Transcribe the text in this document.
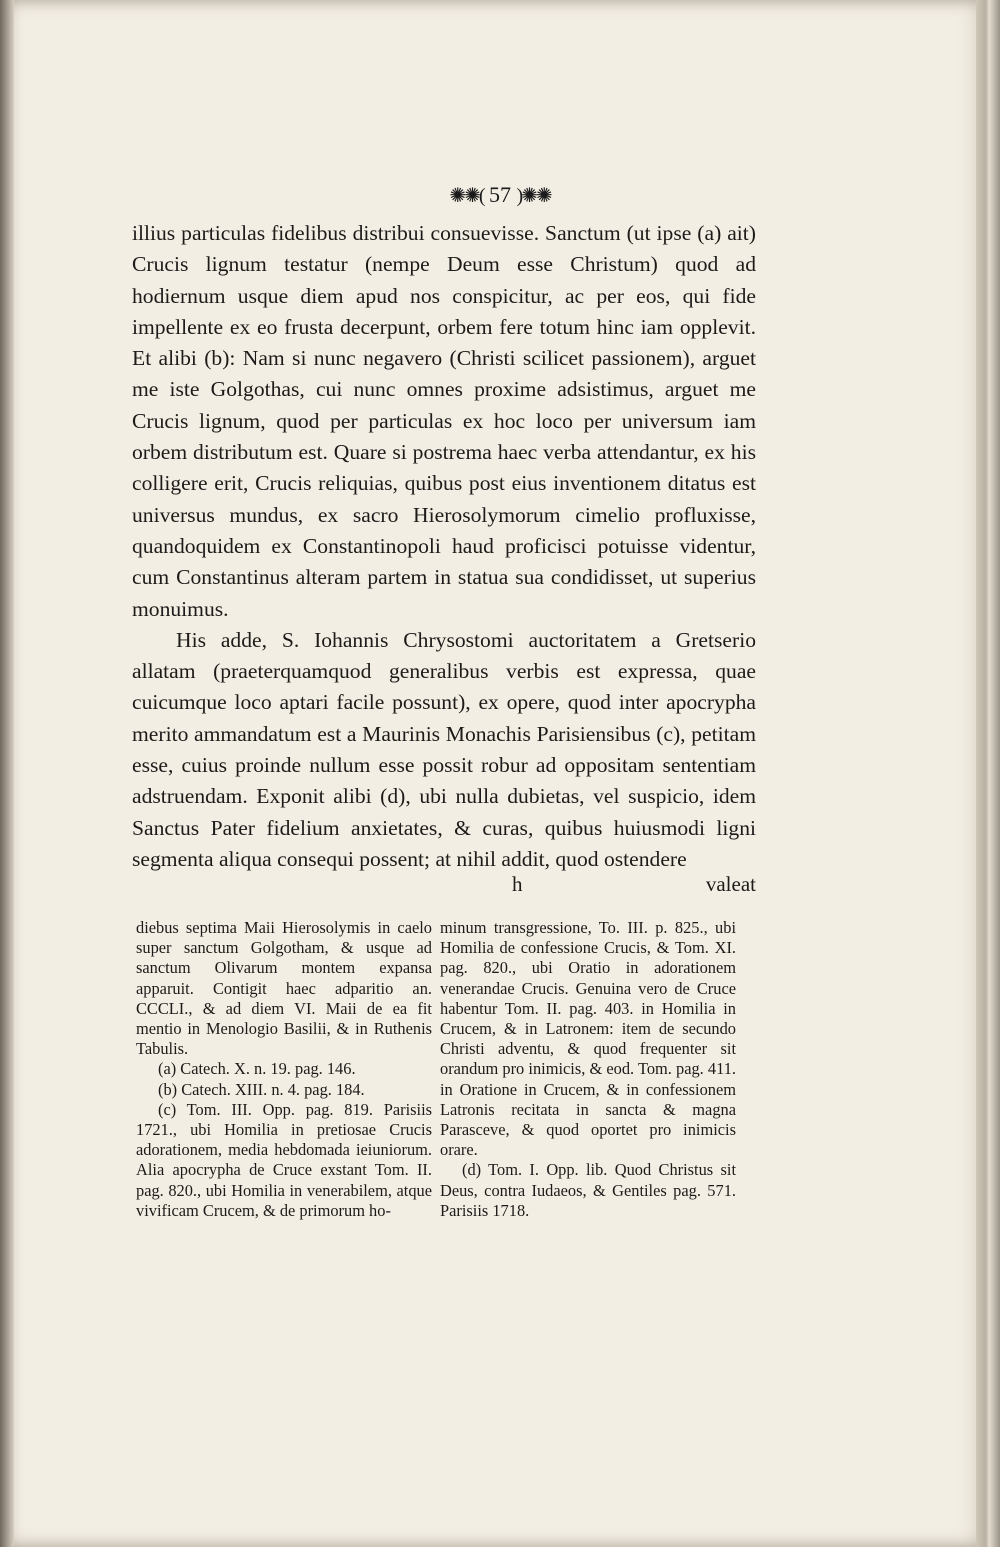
✺✺( 57 )✺✺

illius particulas fidelibus distribui consuevisse. Sanctum (ut ipse (a) ait) Crucis lignum testatur (nempe Deum esse Christum) quod ad hodiernum usque diem apud nos conspicitur, ac per eos, qui fide impellente ex eo frusta decerpunt, orbem fere totum hinc iam opplevit. Et alibi (b): Nam si nunc negavero (Christi scilicet passionem), arguet me iste Golgothas, cui nunc omnes proxime adsistimus, arguet me Crucis lignum, quod per particulas ex hoc loco per universum iam orbem distributum est. Quare si postrema haec verba attendantur, ex his colligere erit, Crucis reliquias, quibus post eius inventionem ditatus est universus mundus, ex sacro Hierosolymorum cimelio profluxisse, quandoquidem ex Constantinopoli haud proficisci potuisse videntur, cum Constantinus alteram partem in statua sua condidisset, ut superius monuimus.

His adde, S. Iohannis Chrysostomi auctoritatem a Gretserio allatam (praeterquamquod generalibus verbis est expressa, quae cuicumque loco aptari facile possunt), ex opere, quod inter apocrypha merito ammandatum est a Maurinis Monachis Parisiensibus (c), petitam esse, cuius proinde nullum esse possit robur ad oppositam sententiam adstruendam. Exponit alibi (d), ubi nulla dubietas, vel suspicio, idem Sanctus Pater fidelium anxietates, & curas, quibus huiusmodi ligni segmenta aliqua consequi possent; at nihil addit, quod ostendere

h	valeat

diebus septima Maii Hierosolymis in caelo super sanctum Golgotham, & usque ad sanctum Olivarum montem expansa apparuit. Contigit haec adparitio an. CCCLI., & ad diem VI. Maii de ea fit mentio in Menologio Basilii, & in Ruthenis Tabulis.

(a) Catech. X. n. 19. pag. 146.

(b) Catech. XIII. n. 4. pag. 184.

(c) Tom. III. Opp. pag. 819. Parisiis 1721., ubi Homilia in pretiosae Crucis adorationem, media hebdomada ieiuniorum. Alia apocrypha de Cruce exstant Tom. II. pag. 820., ubi Homilia in venerabilem, atque vivificam Crucem, & de primorum ho-

minum transgressione, To. III. p. 825., ubi Homilia de confessione Crucis, & Tom. XI. pag. 820., ubi Oratio in adorationem venerandae Crucis. Genuina vero de Cruce habentur Tom. II. pag. 403. in Homilia in Crucem, & in Latronem: item de secundo Christi adventu, & quod frequenter sit orandum pro inimicis, & eod. Tom. pag. 411. in Oratione in Crucem, & in confessionem Latronis recitata in sancta & magna Parasceve, & quod oportet pro inimicis orare.

(d) Tom. I. Opp. lib. Quod Christus sit Deus, contra Iudaeos, & Gentiles pag. 571. Parisiis 1718.
